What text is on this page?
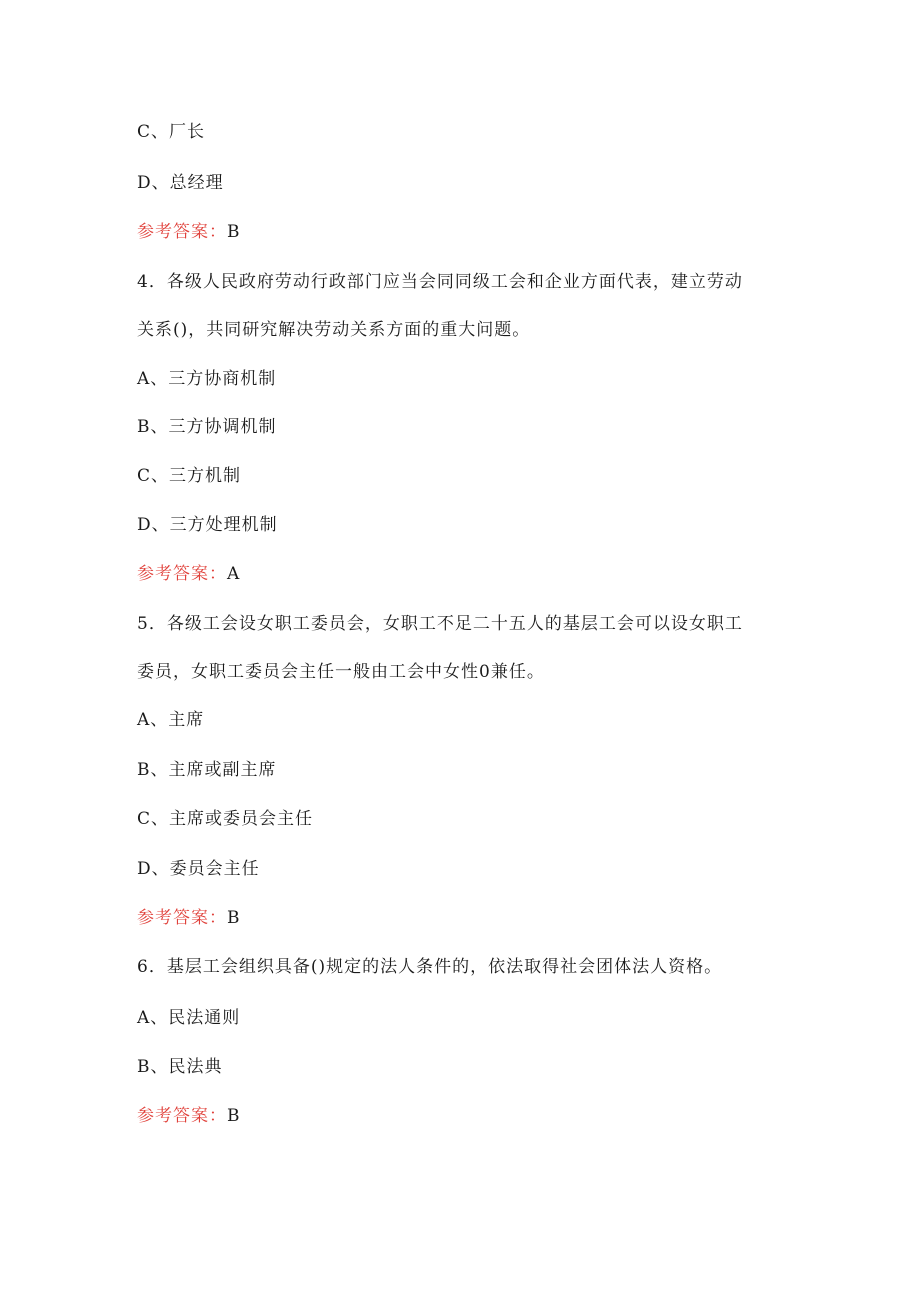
C、厂长
D、总经理
参考答案：B
4．各级人民政府劳动行政部门应当会同同级工会和企业方面代表，建立劳动
关系()，共同研究解决劳动关系方面的重大问题。
A、三方协商机制
B、三方协调机制
C、三方机制
D、三方处理机制
参考答案：A
5．各级工会设女职工委员会，女职工不足二十五人的基层工会可以设女职工
委员，女职工委员会主任一般由工会中女性0兼任。
A、主席
B、主席或副主席
C、主席或委员会主任
D、委员会主任
参考答案：B
6．基层工会组织具备()规定的法人条件的，依法取得社会团体法人资格。
A、民法通则
B、民法典
参考答案：B
